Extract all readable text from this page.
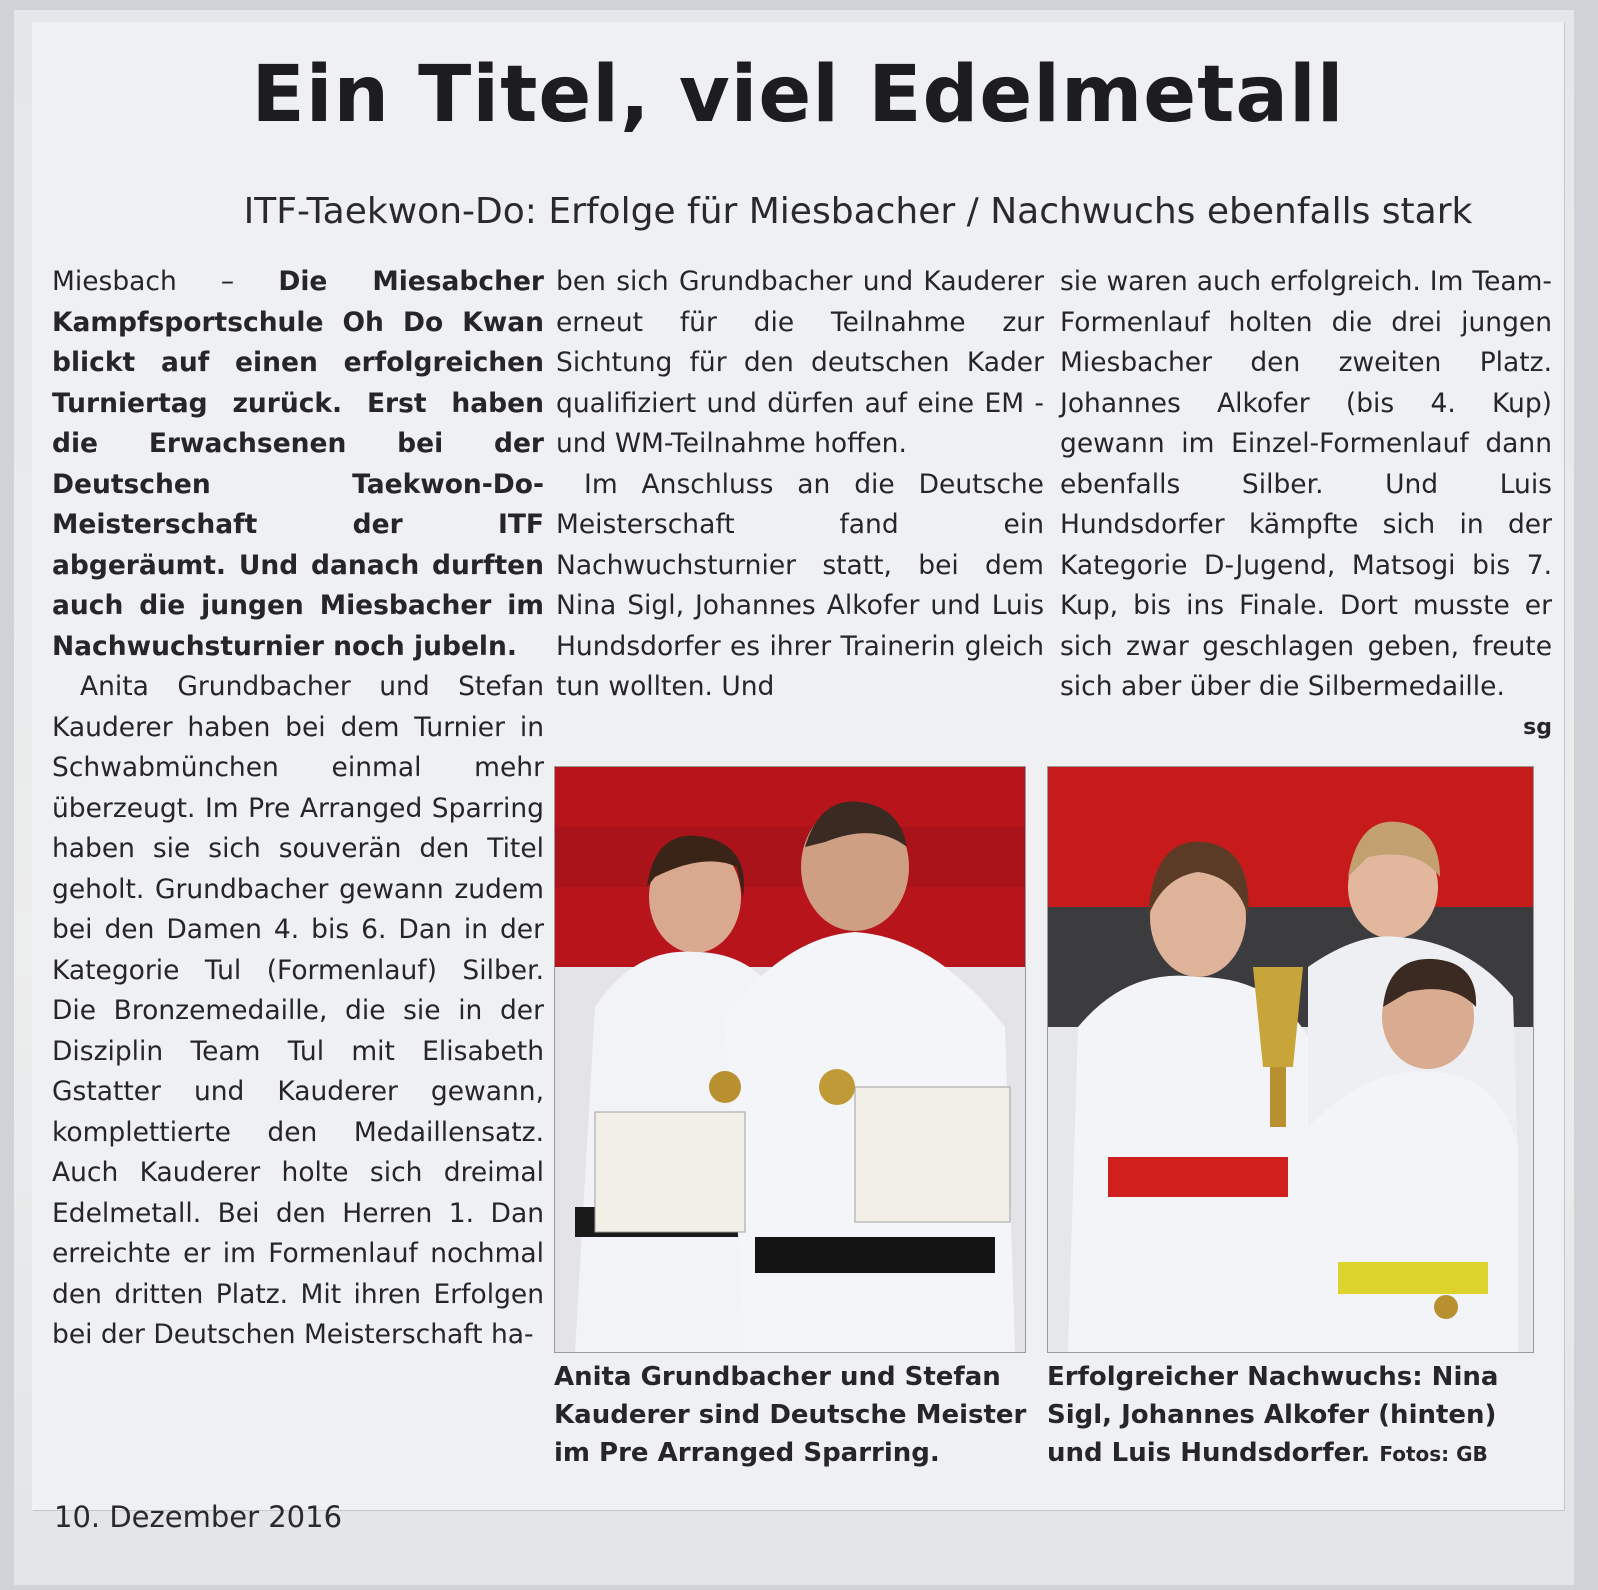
Ein Titel, viel Edelmetall
ITF-Taekwon-Do: Erfolge für Miesbacher / Nachwuchs ebenfalls stark

Miesbach – Die Miesabcher Kampfsportschule Oh Do Kwan blickt auf einen erfolgreichen Turniertag zurück. Erst haben die Erwachsenen bei der Deutschen Taekwon-Do-Meisterschaft der ITF abgeräumt. Und danach durften auch die jungen Miesbacher im Nachwuchsturnier noch jubeln.

Anita Grundbacher und Stefan Kauderer haben bei dem Turnier in Schwabmünchen einmal mehr überzeugt. Im Pre Arranged Sparring haben sie sich souverän den Titel geholt. Grundbacher gewann zudem bei den Damen 4. bis 6. Dan in der Kategorie Tul (Formenlauf) Silber. Die Bronzemedaille, die sie in der Disziplin Team Tul mit Elisabeth Gstatter und Kauderer gewann, komplettierte den Medaillensatz. Auch Kauderer holte sich dreimal Edelmetall. Bei den Herren 1. Dan erreichte er im Formenlauf nochmal den dritten Platz. Mit ihren Erfolgen bei der Deutschen Meisterschaft ha-

ben sich Grundbacher und Kauderer erneut für die Teilnahme zur Sichtung für den deutschen Kader qualifiziert und dürfen auf eine EM - und WM-Teilnahme hoffen.

Im Anschluss an die Deutsche Meisterschaft fand ein Nachwuchsturnier statt, bei dem Nina Sigl, Johannes Alkofer und Luis Hundsdorfer es ihrer Trainerin gleich tun wollten. Und

sie waren auch erfolgreich. Im Team-Formenlauf holten die drei jungen Miesbacher den zweiten Platz. Johannes Alkofer (bis 4. Kup) gewann im Einzel-Formenlauf dann ebenfalls Silber. Und Luis Hundsdorfer kämpfte sich in der Kategorie D-Jugend, Matsogi bis 7. Kup, bis ins Finale. Dort musste er sich zwar geschlagen geben, freute sich aber über die Silbermedaille.

sg
Anita Grundbacher und Stefan Kauderer sind Deutsche Meister im Pre Arranged Sparring.
Erfolgreicher Nachwuchs: Nina Sigl, Johannes Alkofer (hinten) und Luis Hundsdorfer. Fotos: GB
10. Dezember 2016
